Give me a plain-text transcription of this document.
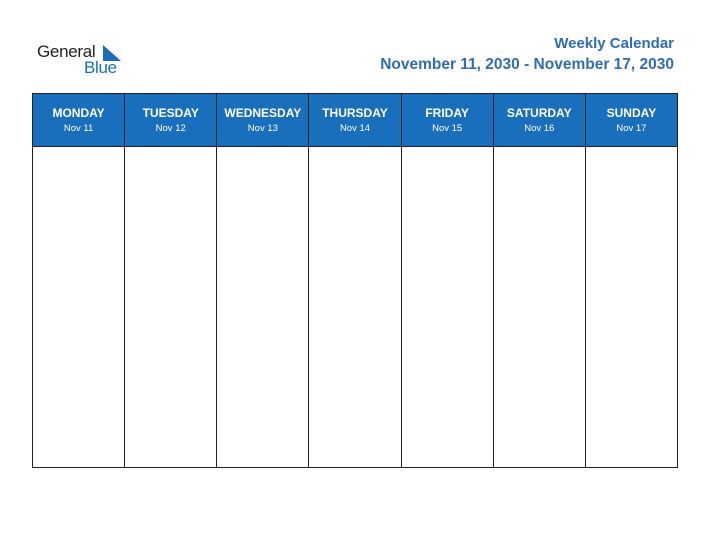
General
Blue
Weekly Calendar
November 11, 2030 - November 17, 2030
MONDAY
Nov 11
TUESDAY
Nov 12
WEDNESDAY
Nov 13
THURSDAY
Nov 14
FRIDAY
Nov 15
SATURDAY
Nov 16
SUNDAY
Nov 17
